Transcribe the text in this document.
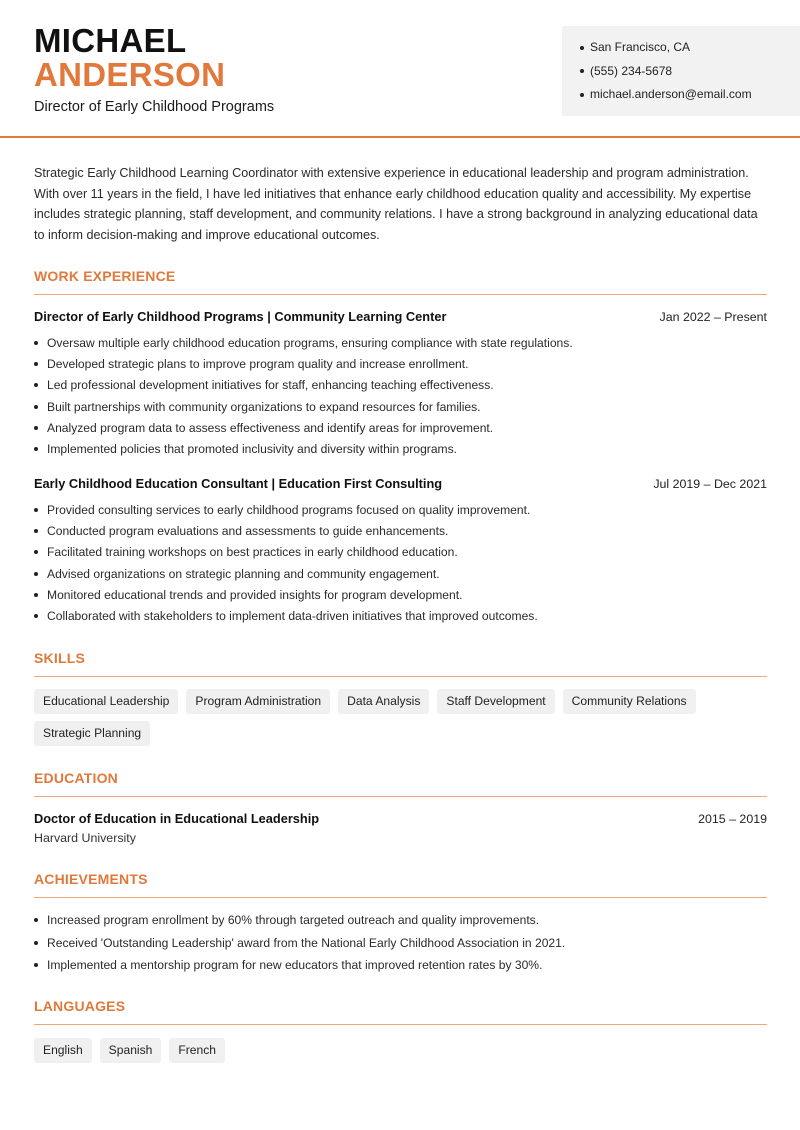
MICHAEL
ANDERSON
Director of Early Childhood Programs
San Francisco, CA
(555) 234-5678
michael.anderson@email.com

Strategic Early Childhood Learning Coordinator with extensive experience in educational leadership and program administration. With over 11 years in the field, I have led initiatives that enhance early childhood education quality and accessibility. My expertise includes strategic planning, staff development, and community relations. I have a strong background in analyzing educational data to inform decision-making and improve educational outcomes.

WORK EXPERIENCE
Director of Early Childhood Programs | Community Learning Center	Jan 2022 – Present
Oversaw multiple early childhood education programs, ensuring compliance with state regulations.
Developed strategic plans to improve program quality and increase enrollment.
Led professional development initiatives for staff, enhancing teaching effectiveness.
Built partnerships with community organizations to expand resources for families.
Analyzed program data to assess effectiveness and identify areas for improvement.
Implemented policies that promoted inclusivity and diversity within programs.
Early Childhood Education Consultant | Education First Consulting	Jul 2019 – Dec 2021
Provided consulting services to early childhood programs focused on quality improvement.
Conducted program evaluations and assessments to guide enhancements.
Facilitated training workshops on best practices in early childhood education.
Advised organizations on strategic planning and community engagement.
Monitored educational trends and provided insights for program development.
Collaborated with stakeholders to implement data-driven initiatives that improved outcomes.
SKILLS
Educational Leadership	Program Administration	Data Analysis	Staff Development	Community Relations
Strategic Planning
EDUCATION
Doctor of Education in Educational Leadership	2015 – 2019
Harvard University
ACHIEVEMENTS
Increased program enrollment by 60% through targeted outreach and quality improvements.
Received 'Outstanding Leadership' award from the National Early Childhood Association in 2021.
Implemented a mentorship program for new educators that improved retention rates by 30%.
LANGUAGES
English	Spanish	French
